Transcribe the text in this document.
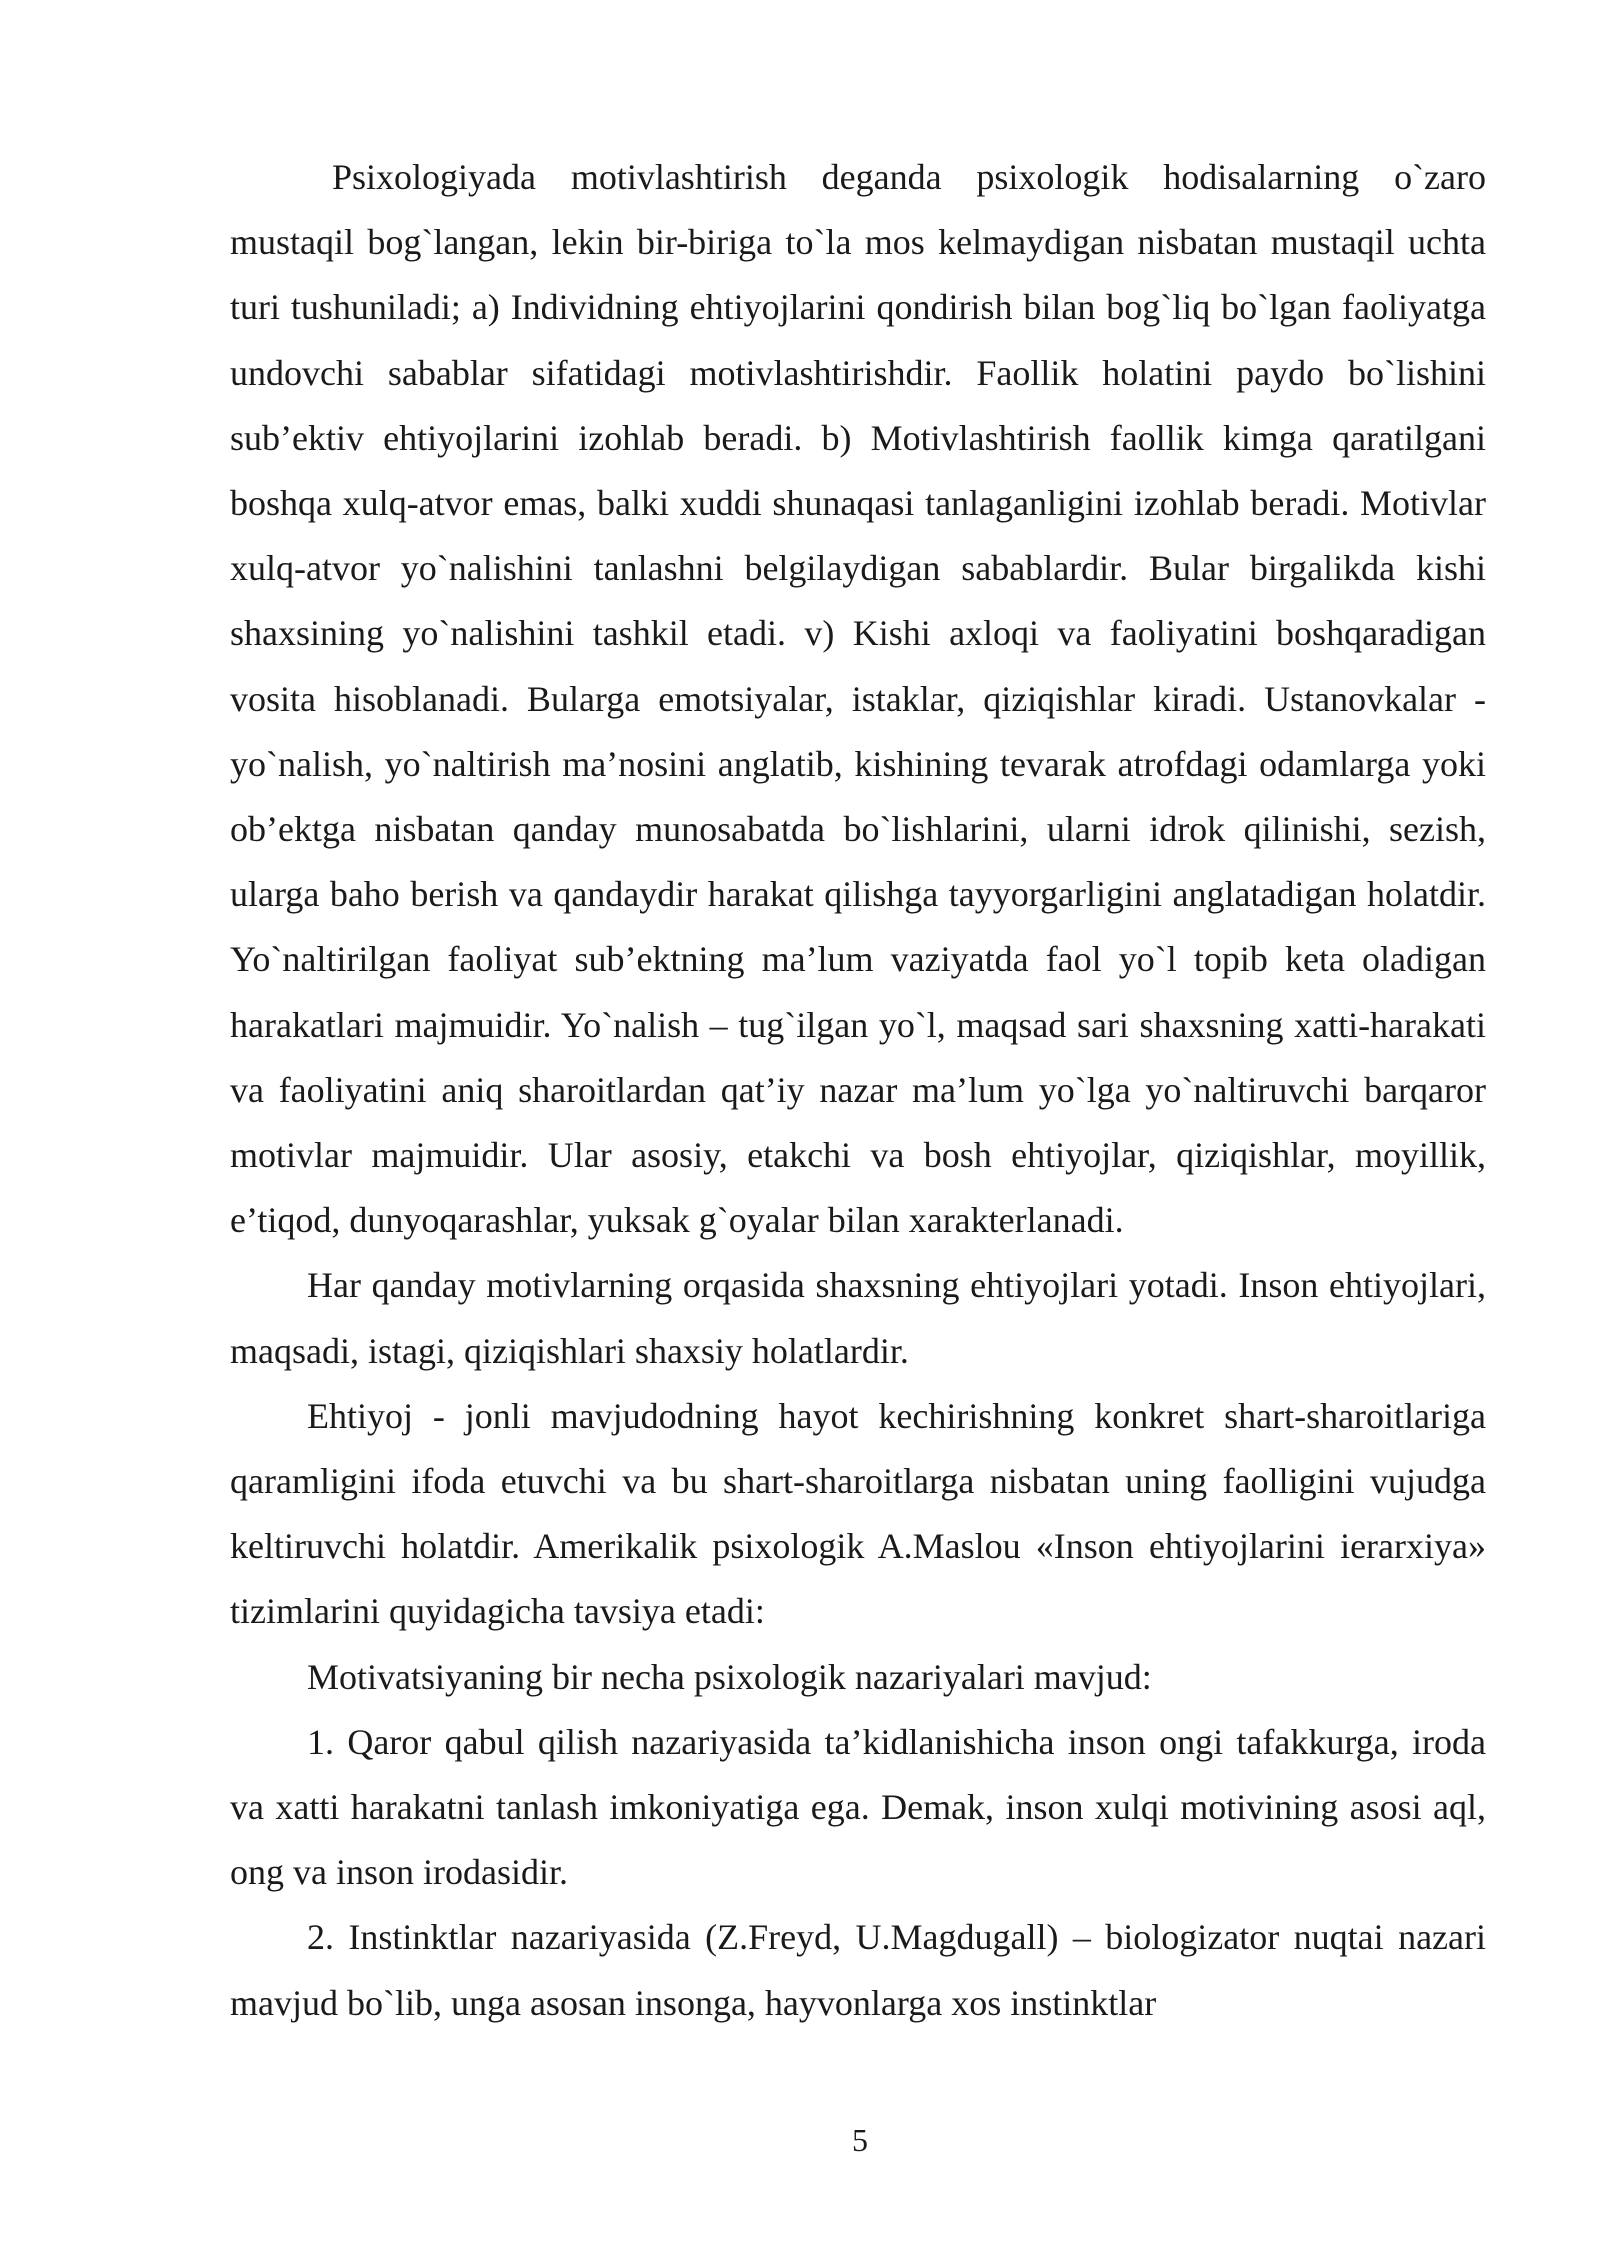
Psixologiyada motivlashtirish deganda psixologik hodisalarning o`zaro mustaqil bog`langan, lekin bir-biriga to`la mos kelmaydigan nisbatan mustaqil uchta turi tushuniladi; a) Individning ehtiyojlarini qondirish bilan bog`liq bo`lgan faoliyatga undovchi sabablar sifatidagi motivlashtirishdir. Faollik holatini paydo bo`lishini sub’ektiv ehtiyojlarini izohlab beradi. b) Motivlashtirish faollik kimga qaratilgani boshqa xulq-atvor emas, balki xuddi shunaqasi tanlaganligini izohlab beradi. Motivlar xulq-atvor yo`nalishini tanlashni belgilaydigan sabablardir. Bular birgalikda kishi shaxsining yo`nalishini tashkil etadi. v) Kishi axloqi va faoliyatini boshqaradigan vosita hisoblanadi. Bularga emotsiyalar, istaklar, qiziqishlar kiradi. Ustanovkalar - yo`nalish, yo`naltirish ma’nosini anglatib, kishining tevarak atrofdagi odamlarga yoki ob’ektga nisbatan qanday munosabatda bo`lishlarini, ularni idrok qilinishi, sezish, ularga baho berish va qandaydir harakat qilishga tayyorgarligini anglatadigan holatdir. Yo`naltirilgan faoliyat sub’ektning ma’lum vaziyatda faol yo`l topib keta oladigan harakatlari majmuidir. Yo`nalish – tug`ilgan yo`l, maqsad sari shaxsning xatti-harakati va faoliyatini aniq sharoitlardan qat’iy nazar ma’lum yo`lga yo`naltiruvchi barqaror motivlar majmuidir. Ular asosiy, etakchi va bosh ehtiyojlar, qiziqishlar, moyillik, e’tiqod, dunyoqarashlar, yuksak g`oyalar bilan xarakterlanadi.

Har qanday motivlarning orqasida shaxsning ehtiyojlari yotadi. Inson ehtiyojlari, maqsadi, istagi, qiziqishlari shaxsiy holatlardir.

Ehtiyoj - jonli mavjudodning hayot kechirishning konkret shart-sharoitlariga qaramligini ifoda etuvchi va bu shart-sharoitlarga nisbatan uning faolligini vujudga keltiruvchi holatdir. Amerikalik psixologik A.Maslou «Inson ehtiyojlarini ierarxiya» tizimlarini quyidagicha tavsiya etadi:

Motivatsiyaning bir necha psixologik nazariyalari mavjud:

1. Qaror qabul qilish nazariyasida ta’kidlanishicha inson ongi tafakkurga, iroda va xatti harakatni tanlash imkoniyatiga ega. Demak, inson xulqi motivining asosi aql, ong va inson irodasidir.

2. Instinktlar nazariyasida (Z.Freyd, U.Magdugall) – biologizator nuqtai nazari mavjud bo`lib, unga asosan insonga, hayvonlarga xos instinktlar

5
